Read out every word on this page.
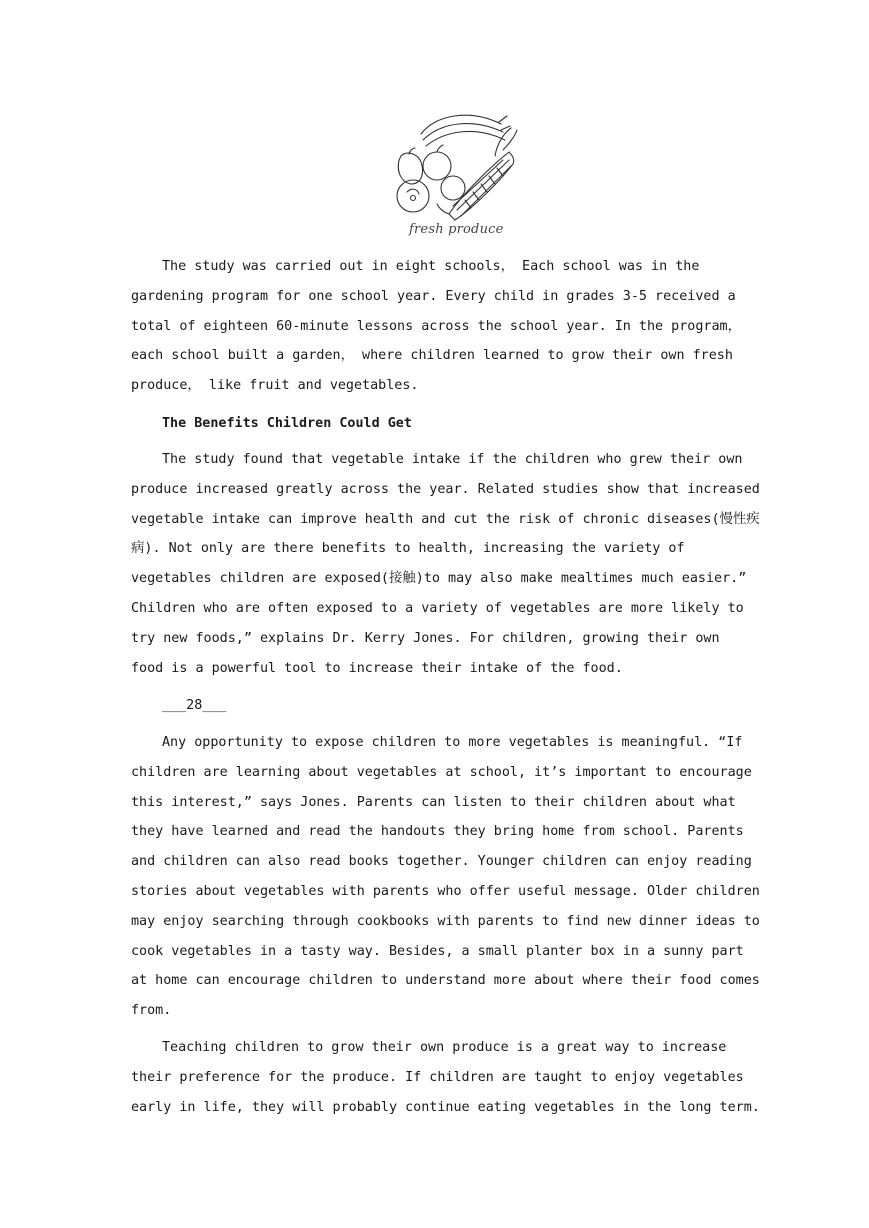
fresh produce

The study was carried out in eight schools， Each school was in the
gardening program for one school year. Every child in grades 3-5 received a
total of eighteen 60-minute lessons across the school year. In the program，
each school built a garden， where children learned to grow their own fresh
produce， like fruit and vegetables.

The Benefits Children Could Get

The study found that vegetable intake if the children who grew their own
produce increased greatly across the year. Related studies show that increased
vegetable intake can improve health and cut the risk of chronic diseases(慢性疾
病). Not only are there benefits to health, increasing the variety of
vegetables children are exposed(接触)to may also make mealtimes much easier.”
Children who are often exposed to a variety of vegetables are more likely to
try new foods,” explains Dr. Kerry Jones. For children, growing their own
food is a powerful tool to increase their intake of the food.

___28___

Any opportunity to expose children to more vegetables is meaningful. “If
children are learning about vegetables at school, it’s important to encourage
this interest,” says Jones. Parents can listen to their children about what
they have learned and read the handouts they bring home from school. Parents
and children can also read books together. Younger children can enjoy reading
stories about vegetables with parents who offer useful message. Older children
may enjoy searching through cookbooks with parents to find new dinner ideas to
cook vegetables in a tasty way. Besides, a small planter box in a sunny part
at home can encourage children to understand more about where their food comes
from.

Teaching children to grow their own produce is a great way to increase
their preference for the produce. If children are taught to enjoy vegetables
early in life, they will probably continue eating vegetables in the long term.
